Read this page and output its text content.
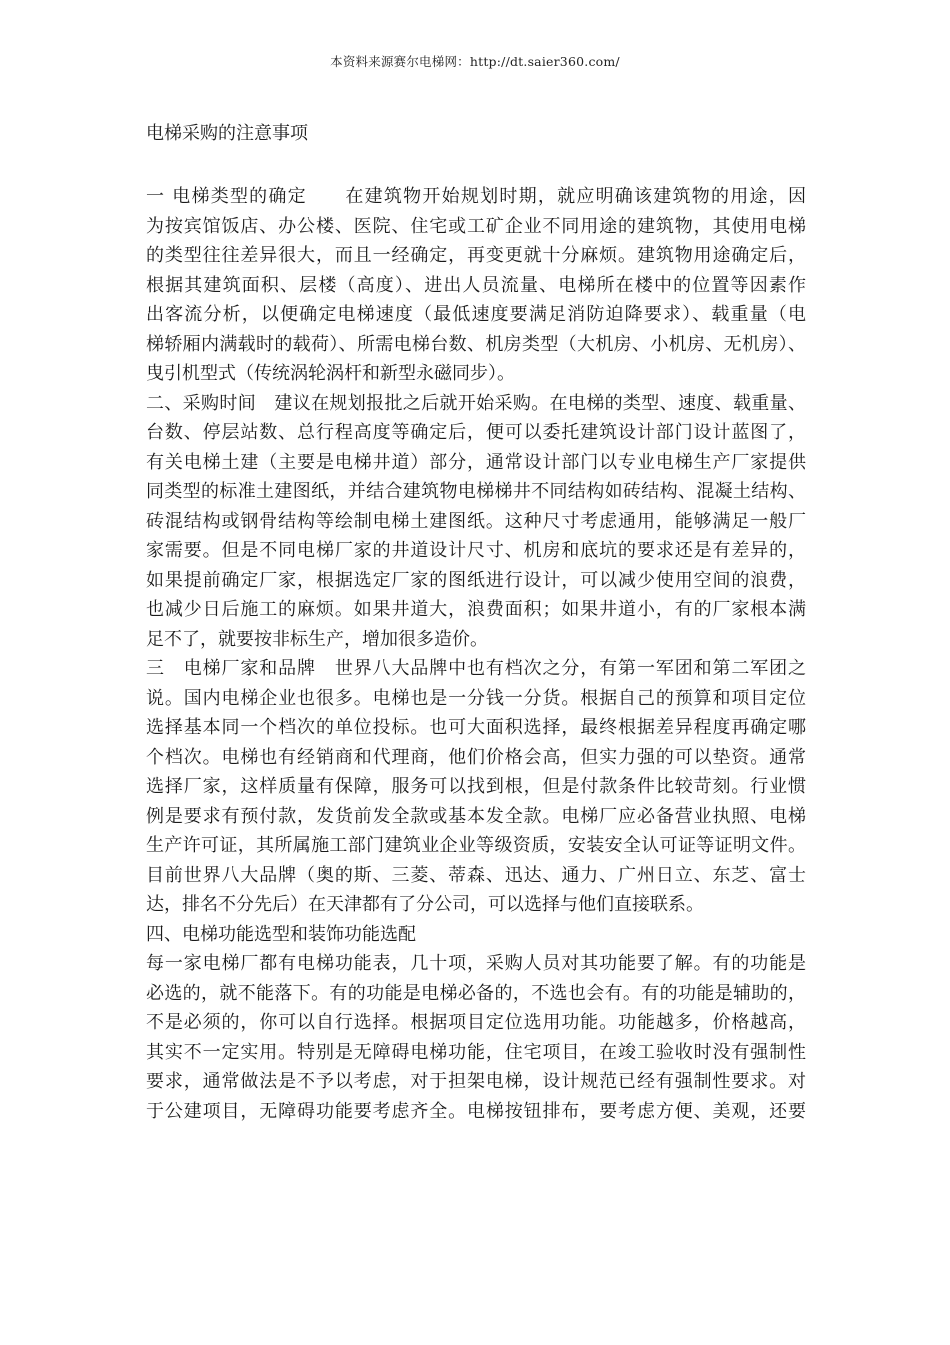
本资料来源赛尔电梯网：http://dt.saier360.com/
电梯采购的注意事项
一 电梯类型的确定　　在建筑物开始规划时期，就应明确该建筑物的用途，因
为按宾馆饭店、办公楼、医院、住宅或工矿企业不同用途的建筑物，其使用电梯
的类型往往差异很大，而且一经确定，再变更就十分麻烦。建筑物用途确定后，
根据其建筑面积、层楼（高度）、进出人员流量、电梯所在楼中的位置等因素作
出客流分析，以便确定电梯速度（最低速度要满足消防迫降要求）、载重量（电
梯轿厢内满载时的载荷）、所需电梯台数、机房类型（大机房、小机房、无机房）、
曳引机型式（传统涡轮涡杆和新型永磁同步）。
二、采购时间　建议在规划报批之后就开始采购。在电梯的类型、速度、载重量、
台数、停层站数、总行程高度等确定后，便可以委托建筑设计部门设计蓝图了，
有关电梯土建（主要是电梯井道）部分，通常设计部门以专业电梯生产厂家提供
同类型的标准土建图纸，并结合建筑物电梯梯井不同结构如砖结构、混凝土结构、
砖混结构或钢骨结构等绘制电梯土建图纸。这种尺寸考虑通用，能够满足一般厂
家需要。但是不同电梯厂家的井道设计尺寸、机房和底坑的要求还是有差异的，
如果提前确定厂家，根据选定厂家的图纸进行设计，可以减少使用空间的浪费，
也减少日后施工的麻烦。如果井道大，浪费面积；如果井道小，有的厂家根本满
足不了，就要按非标生产，增加很多造价。
三　电梯厂家和品牌　世界八大品牌中也有档次之分，有第一军团和第二军团之
说。国内电梯企业也很多。电梯也是一分钱一分货。根据自己的预算和项目定位
选择基本同一个档次的单位投标。也可大面积选择，最终根据差异程度再确定哪
个档次。电梯也有经销商和代理商，他们价格会高，但实力强的可以垫资。通常
选择厂家，这样质量有保障，服务可以找到根，但是付款条件比较苛刻。行业惯
例是要求有预付款，发货前发全款或基本发全款。电梯厂应必备营业执照、电梯
生产许可证，其所属施工部门建筑业企业等级资质，安装安全认可证等证明文件。
目前世界八大品牌（奥的斯、三菱、蒂森、迅达、通力、广州日立、东芝、富士
达，排名不分先后）在天津都有了分公司，可以选择与他们直接联系。
四、电梯功能选型和装饰功能选配
每一家电梯厂都有电梯功能表，几十项，采购人员对其功能要了解。有的功能是
必选的，就不能落下。有的功能是电梯必备的，不选也会有。有的功能是辅助的，
不是必须的，你可以自行选择。根据项目定位选用功能。功能越多，价格越高，
其实不一定实用。特别是无障碍电梯功能，住宅项目，在竣工验收时没有强制性
要求，通常做法是不予以考虑，对于担架电梯，设计规范已经有强制性要求。对
于公建项目，无障碍功能要考虑齐全。电梯按钮排布，要考虑方便、美观，还要
